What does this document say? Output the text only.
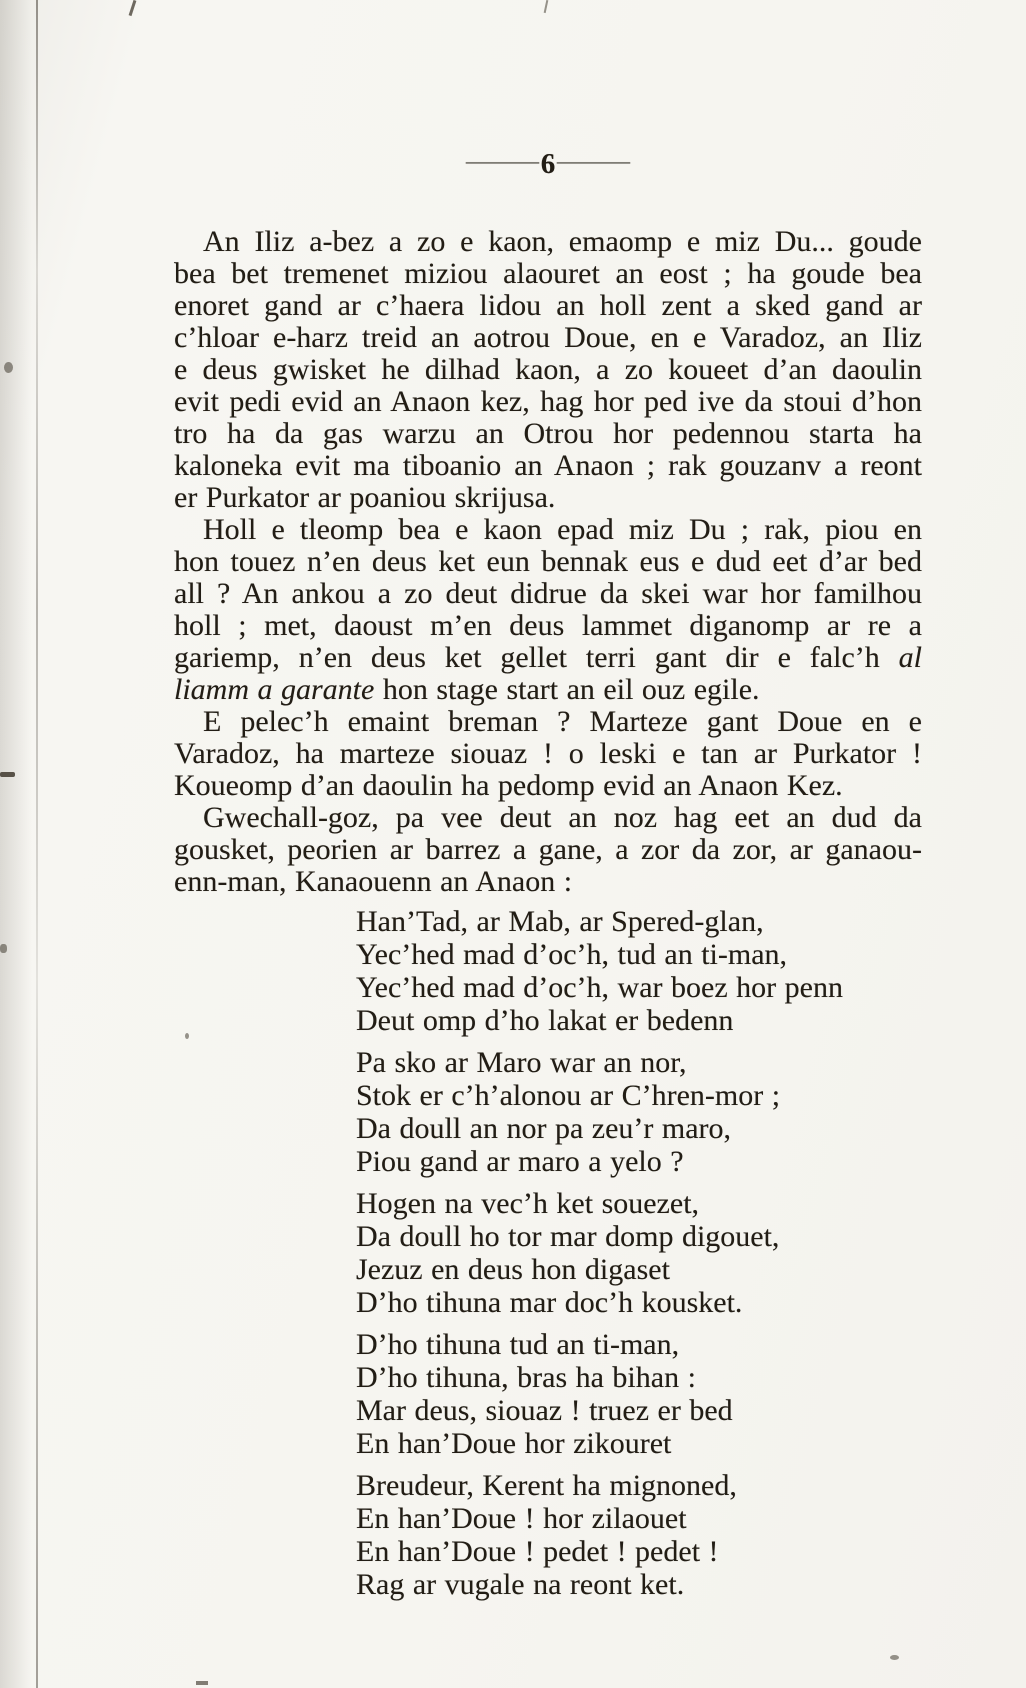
—6—
An Iliz a-bez a zo e kaon, emaomp e miz Du... goude
bea bet tremenet miziou alaouret an eost ; ha goude bea
enoret gand ar c’haera lidou an holl zent a sked gand ar
c’hloar e-harz treid an aotrou Doue, en e Varadoz, an Iliz
e deus gwisket he dilhad kaon, a zo koueet d’an daoulin
evit pedi evid an Anaon kez, hag hor ped ive da stoui d’hon
tro ha da gas warzu an Otrou hor pedennou starta ha
kaloneka evit ma tiboanio an Anaon ; rak gouzanv a reont
er Purkator ar poaniou skrijusa.
Holl e tleomp bea e kaon epad miz Du ; rak, piou en
hon touez n’en deus ket eun bennak eus e dud eet d’ar bed
all ? An ankou a zo deut didrue da skei war hor familhou
holl ; met, daoust m’en deus lammet diganomp ar re a
gariemp, n’en deus ket gellet terri gant dir e falc’h al
liamm a garante hon stage start an eil ouz egile.
E pelec’h emaint breman ? Marteze gant Doue en e
Varadoz, ha marteze siouaz ! o leski e tan ar Purkator !
Koueomp d’an daoulin ha pedomp evid an Anaon Kez.
Gwechall-goz, pa vee deut an noz hag eet an dud da
gousket, peorien ar barrez a gane, a zor da zor, ar ganaou-
enn-man, Kanaouenn an Anaon :
Han’Tad, ar Mab, ar Spered-glan,
Yec’hed mad d’oc’h, tud an ti-man,
Yec’hed mad d’oc’h, war boez hor penn
Deut omp d’ho lakat er bedenn
Pa sko ar Maro war an nor,
Stok er c’h’alonou ar C’hren-mor ;
Da doull an nor pa zeu’r maro,
Piou gand ar maro a yelo ?
Hogen na vec’h ket souezet,
Da doull ho tor mar domp digouet,
Jezuz en deus hon digaset
D’ho tihuna mar doc’h kousket.
D’ho tihuna tud an ti-man,
D’ho tihuna, bras ha bihan :
Mar deus, siouaz ! truez er bed
En han’Doue hor zikouret
Breudeur, Kerent ha mignoned,
En han’Doue ! hor zilaouet
En han’Doue ! pedet ! pedet !
Rag ar vugale na reont ket.
